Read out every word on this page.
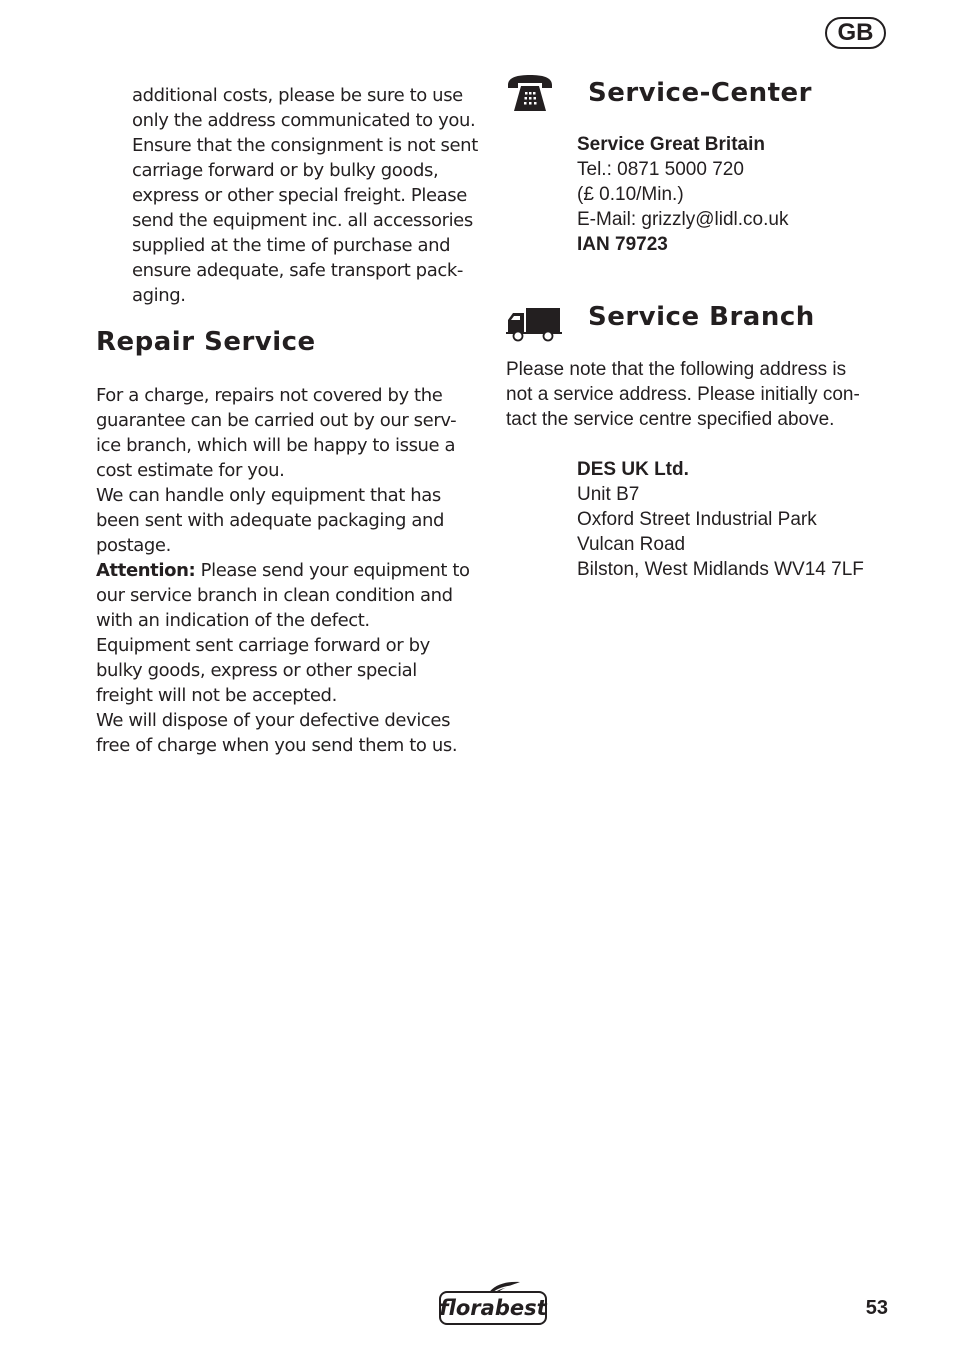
GB
additional costs, please be sure to use
only the address communicated to you.
Ensure that the consignment is not sent
carriage forward or by bulky goods,
express or other special freight. Please
send the equipment inc. all accessories
supplied at the time of purchase and
ensure adequate, safe transport pack-
aging.
Repair Service
For a charge, repairs not covered by the
guarantee can be carried out by our serv-
ice branch, which will be happy to issue a
cost estimate for you.
We can handle only equipment that has
been sent with adequate packaging and
postage.
Attention: Please send your equipment to
our service branch in clean condition and
with an indication of the defect.
Equipment sent carriage forward or by
bulky goods, express or other special
freight will not be accepted.
We will dispose of your defective devices
free of charge when you send them to us.
Service-Center
Service Great Britain
Tel.: 0871 5000 720
(£ 0.10/Min.)
E-Mail: grizzly@lidl.co.uk
IAN 79723
Service Branch
Please note that the following address is
not a service address. Please initially con-
tact the service centre specified above.
DES UK Ltd.
Unit B7
Oxford Street Industrial Park
Vulcan Road
Bilston, West Midlands WV14 7LF
florabest	53
